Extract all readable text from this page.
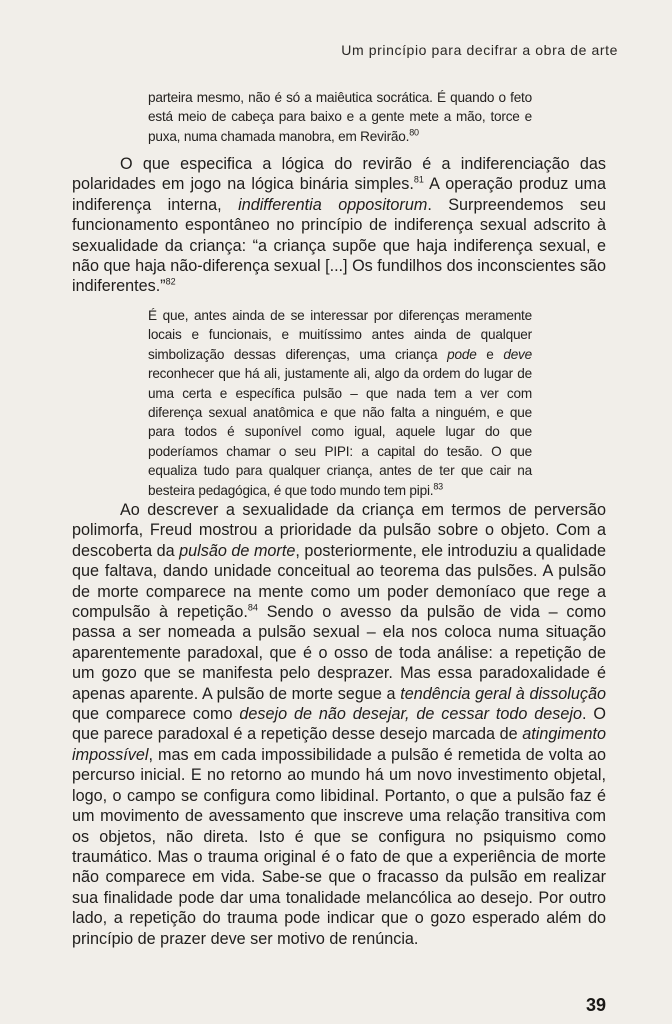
Um princípio para decifrar a obra de arte
parteira mesmo, não é só a maiêutica socrática. É quando o feto está meio de cabeça para baixo e a gente mete a mão, torce e puxa, numa chamada manobra, em Revirão.$^{80}$
O que especifica a lógica do revirão é a indiferenciação das polaridades em jogo na lógica binária simples.$^{81}$ A operação produz uma indiferença interna, indifferentia oppositorum. Surpreendemos seu funcionamento espontâneo no princípio de indiferença sexual adscrito à sexualidade da criança: “a criança supõe que haja indiferença sexual, e não que haja não-diferença sexual [...] Os fundilhos dos inconscientes são indiferentes.”$^{82}$
É que, antes ainda de se interessar por diferenças meramente locais e funcionais, e muitíssimo antes ainda de qualquer simbolização dessas diferenças, uma criança pode e deve reconhecer que há ali, justamente ali, algo da ordem do lugar de uma certa e específica pulsão – que nada tem a ver com diferença sexual anatômica e que não falta a ninguém, e que para todos é suponível como igual, aquele lugar do que poderíamos chamar o seu PIPI: a capital do tesão. O que equaliza tudo para qualquer criança, antes de ter que cair na besteira pedagógica, é que todo mundo tem pipi.$^{83}$
Ao descrever a sexualidade da criança em termos de perversão polimorfa, Freud mostrou a prioridade da pulsão sobre o objeto. Com a descoberta da pulsão de morte, posteriormente, ele introduziu a qualidade que faltava, dando unidade conceitual ao teorema das pulsões. A pulsão de morte comparece na mente como um poder demoníaco que rege a compulsão à repetição.$^{84}$ Sendo o avesso da pulsão de vida – como passa a ser nomeada a pulsão sexual – ela nos coloca numa situação aparentemente paradoxal, que é o osso de toda análise: a repetição de um gozo que se manifesta pelo desprazer. Mas essa paradoxalidade é apenas aparente. A pulsão de morte segue a tendência geral à dissolução que comparece como desejo de não desejar, de cessar todo desejo. O que parece paradoxal é a repetição desse desejo marcada de atingimento impossível, mas em cada impossibilidade a pulsão é remetida de volta ao percurso inicial. E no retorno ao mundo há um novo investimento objetal, logo, o campo se configura como libidinal. Portanto, o que a pulsão faz é um movimento de avessamento que inscreve uma relação transitiva com os objetos, não direta. Isto é que se configura no psiquismo como traumático. Mas o trauma original é o fato de que a experiência de morte não comparece em vida. Sabe-se que o fracasso da pulsão em realizar sua finalidade pode dar uma tonalidade melancólica ao desejo. Por outro lado, a repetição do trauma pode indicar que o gozo esperado além do princípio de prazer deve ser motivo de renúncia.
39
